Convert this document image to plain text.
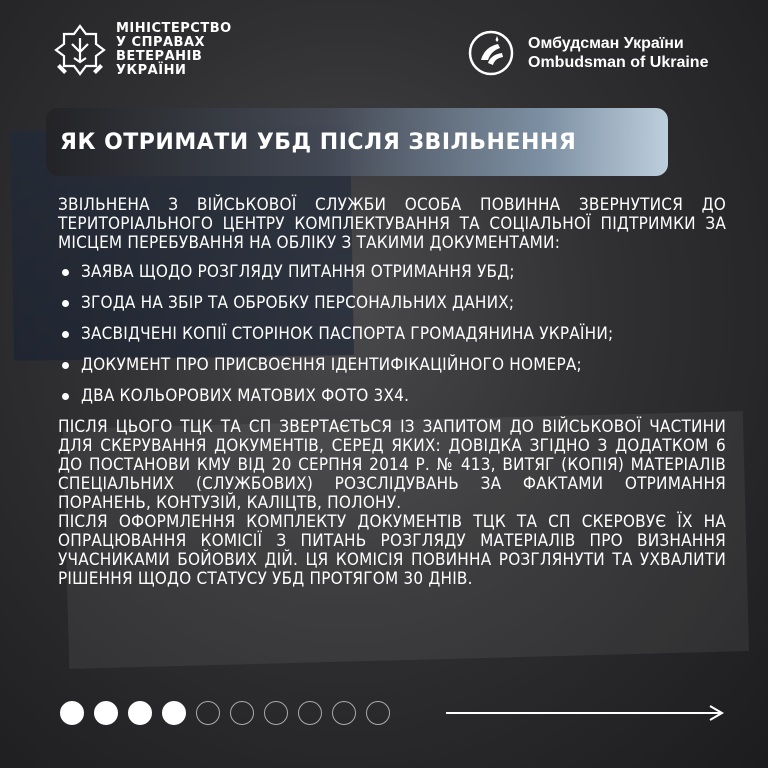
МІНІСТЕРСТВО
У СПРАВАХ
ВЕТЕРАНІВ
УКРАЇНИ
Омбудсман України
Ombudsman of Ukraine
ЯК ОТРИМАТИ УБД ПІСЛЯ ЗВІЛЬНЕННЯ

ЗВІЛЬНЕНА З ВІЙСЬКОВОЇ СЛУЖБИ ОСОБА ПОВИННА ЗВЕРНУТИСЯ ДО ТЕРИТОРІАЛЬНОГО ЦЕНТРУ КОМПЛЕКТУВАННЯ ТА СОЦІАЛЬНОЇ ПІДТРИМКИ ЗА МІСЦЕМ ПЕРЕБУВАННЯ НА ОБЛІКУ З ТАКИМИ ДОКУМЕНТАМИ:

ЗАЯВА ЩОДО РОЗГЛЯДУ ПИТАННЯ ОТРИМАННЯ УБД;
ЗГОДА НА ЗБІР ТА ОБРОБКУ ПЕРСОНАЛЬНИХ ДАНИХ;
ЗАСВІДЧЕНІ КОПІЇ СТОРІНОК ПАСПОРТА ГРОМАДЯНИНА УКРАЇНИ;
ДОКУМЕНТ ПРО ПРИСВОЄННЯ ІДЕНТИФІКАЦІЙНОГО НОМЕРА;
ДВА КОЛЬОРОВИХ МАТОВИХ ФОТО 3Х4.

ПІСЛЯ ЦЬОГО ТЦК ТА СП ЗВЕРТАЄТЬСЯ ІЗ ЗАПИТОМ ДО ВІЙСЬКОВОЇ ЧАСТИНИ ДЛЯ СКЕРУВАННЯ ДОКУМЕНТІВ, СЕРЕД ЯКИХ: ДОВІДКА ЗГІДНО З ДОДАТКОМ 6 ДО ПОСТАНОВИ КМУ ВІД 20 СЕРПНЯ 2014 Р. № 413, ВИТЯГ (КОПІЯ) МАТЕРІАЛІВ СПЕЦІАЛЬНИХ (СЛУЖБОВИХ) РОЗСЛІДУВАНЬ ЗА ФАКТАМИ ОТРИМАННЯ ПОРАНЕНЬ, КОНТУЗІЙ, КАЛІЦТВ, ПОЛОНУ.

ПІСЛЯ ОФОРМЛЕННЯ КОМПЛЕКТУ ДОКУМЕНТІВ ТЦК ТА СП СКЕРОВУЄ ЇХ НА ОПРАЦЮВАННЯ КОМІСІЇ З ПИТАНЬ РОЗГЛЯДУ МАТЕРІАЛІВ ПРО ВИЗНАННЯ УЧАСНИКАМИ БОЙОВИХ ДІЙ. ЦЯ КОМІСІЯ ПОВИННА РОЗГЛЯНУТИ ТА УХВАЛИТИ РІШЕННЯ ЩОДО СТАТУСУ УБД ПРОТЯГОМ 30 ДНІВ.
